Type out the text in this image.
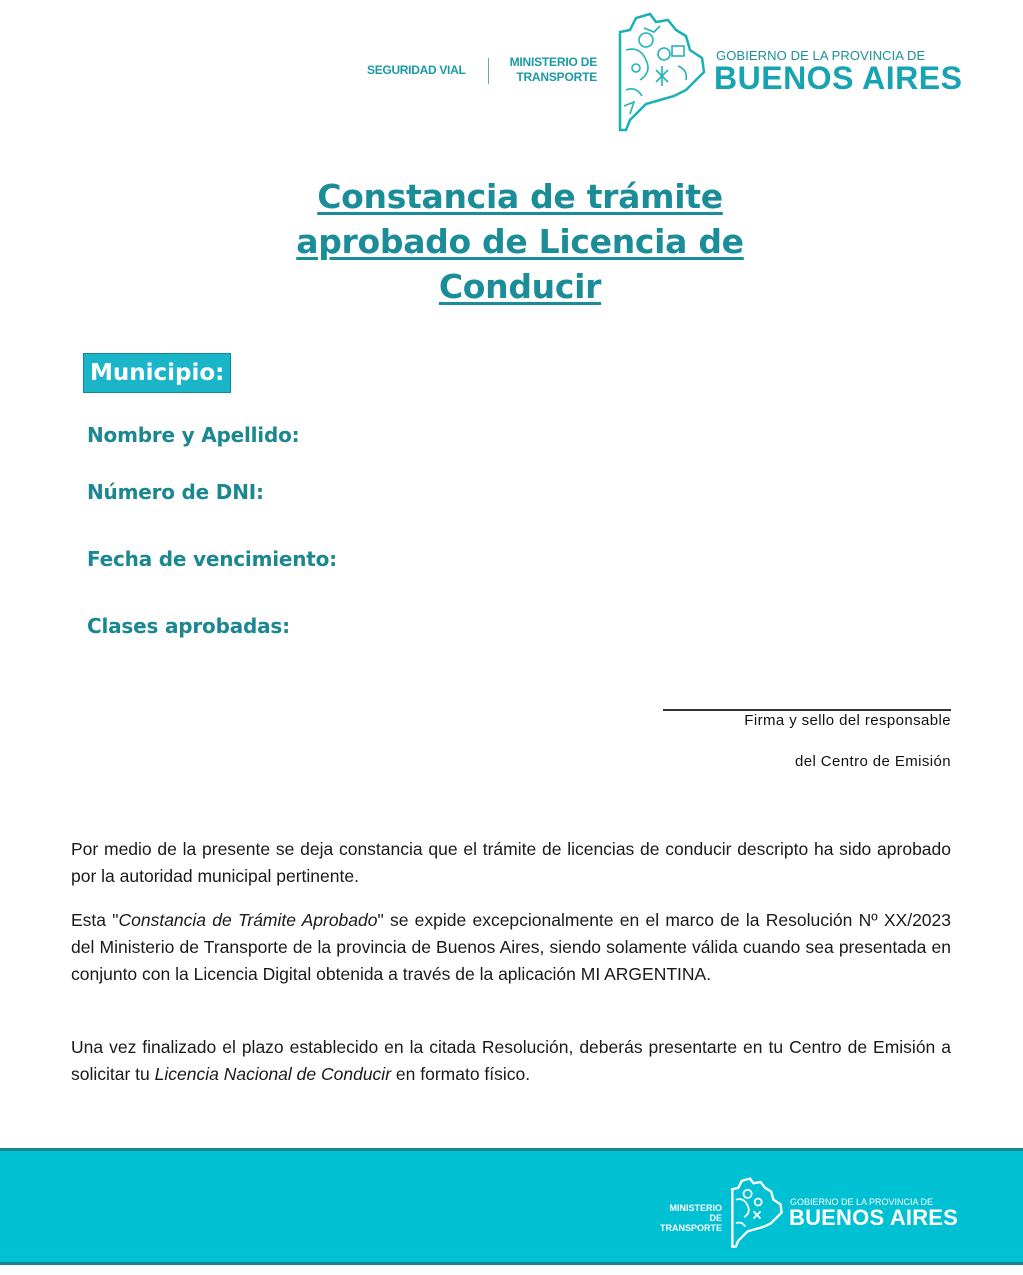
SEGURIDAD VIAL
MINISTERIO DE
TRANSPORTE
GOBIERNO DE LA PROVINCIA DE
BUENOS AIRES
Constancia de trámite
aprobado de Licencia de
Conducir
Municipio:
Nombre y Apellido:
Número de DNI:
Fecha de vencimiento:
Clases aprobadas:
Firma y sello del responsable
del Centro de Emisión
Por medio de la presente se deja constancia que el trámite de licencias de conducir descripto ha sido aprobado por la autoridad municipal pertinente.
Esta "Constancia de Trámite Aprobado" se expide excepcionalmente en el marco de la Resolución Nº XX/2023 del Ministerio de Transporte de la provincia de Buenos Aires, siendo solamente válida cuando sea presentada en conjunto con la Licencia Digital obtenida a través de la aplicación MI ARGENTINA.
Una vez finalizado el plazo establecido en la citada Resolución, deberás presentarte en tu Centro de Emisión a solicitar tu Licencia Nacional de Conducir en formato físico.
MINISTERIO DE
TRANSPORTE
GOBIERNO DE LA PROVINCIA DE
BUENOS AIRES
